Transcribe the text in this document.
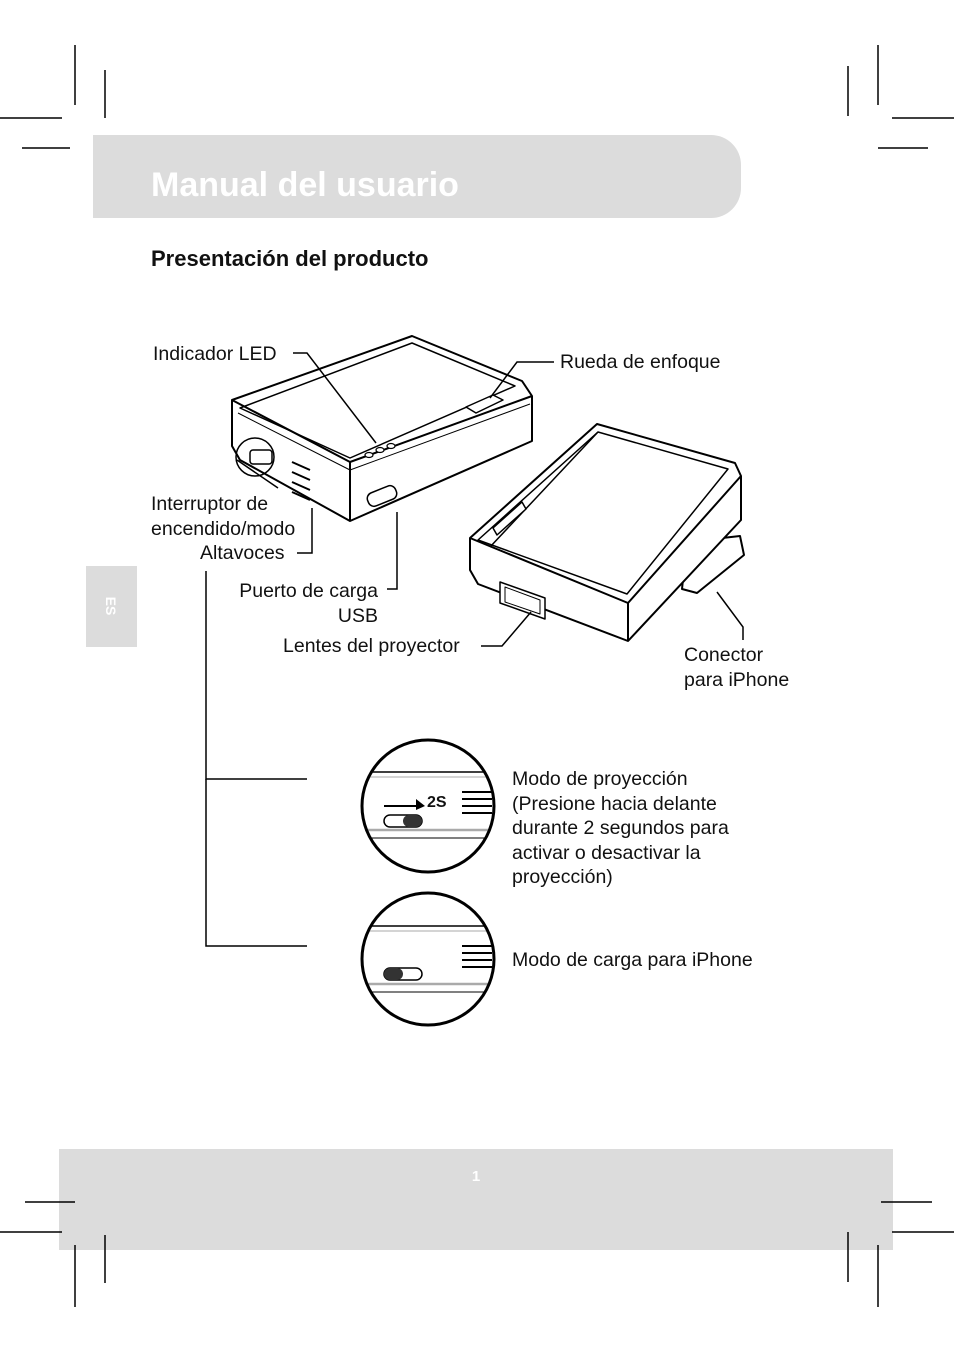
Manual del usuario
Presentación del producto
ES
1
2S
Indicador LED	Rueda de enfoque
Interruptor de
encendido/modo
Altavoces
Puerto de carga
USB
Lentes del proyector	Conector
para iPhone
Modo de proyección
(Presione hacia delante
durante 2 segundos para
activar o desactivar la
proyección)
Modo de carga para iPhone
